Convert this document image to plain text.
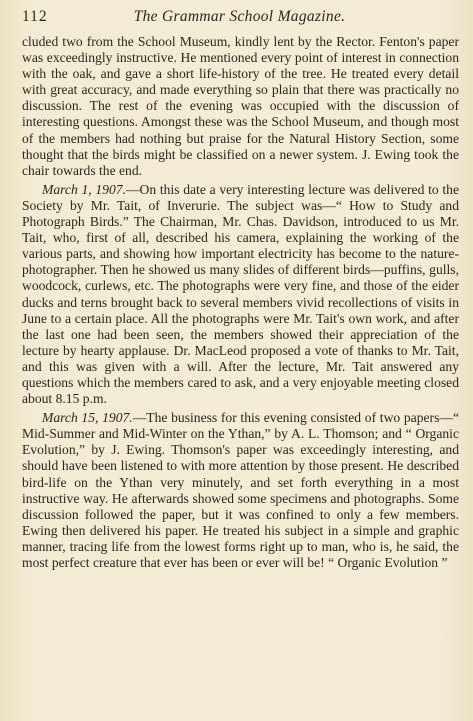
112	The Grammar School Magazine.

cluded two from the School Museum, kindly lent by the Rector. Fenton's paper was exceedingly instructive. He mentioned every point of interest in connection with the oak, and gave a short life-history of the tree. He treated every detail with great accuracy, and made everything so plain that there was practically no discussion. The rest of the evening was occupied with the discussion of interesting questions. Amongst these was the School Museum, and though most of the members had nothing but praise for the Natural History Section, some thought that the birds might be classified on a newer system. J. Ewing took the chair towards the end.

March 1, 1907.—On this date a very interesting lecture was delivered to the Society by Mr. Tait, of Inverurie. The subject was—“ How to Study and Photograph Birds.” The Chairman, Mr. Chas. Davidson, introduced to us Mr. Tait, who, first of all, described his camera, explaining the working of the various parts, and showing how important electricity has become to the nature-photographer. Then he showed us many slides of different birds—puffins, gulls, woodcock, curlews, etc. The photographs were very fine, and those of the eider ducks and terns brought back to several members vivid recollections of visits in June to a certain place. All the photographs were Mr. Tait's own work, and after the last one had been seen, the members showed their appreciation of the lecture by hearty applause. Dr. MacLeod proposed a vote of thanks to Mr. Tait, and this was given with a will. After the lecture, Mr. Tait answered any questions which the members cared to ask, and a very enjoyable meeting closed about 8.15 p.m.

March 15, 1907.—The business for this evening consisted of two papers—“ Mid-Summer and Mid-Winter on the Ythan,” by A. L. Thomson; and “ Organic Evolution,” by J. Ewing. Thomson's paper was exceedingly interesting, and should have been listened to with more attention by those present. He described bird-life on the Ythan very minutely, and set forth everything in a most instructive way. He afterwards showed some specimens and photographs. Some discussion followed the paper, but it was confined to only a few members. Ewing then delivered his paper. He treated his subject in a simple and graphic manner, tracing life from the lowest forms right up to man, who is, he said, the most perfect creature that ever has been or ever will be! “ Organic Evolution ”
